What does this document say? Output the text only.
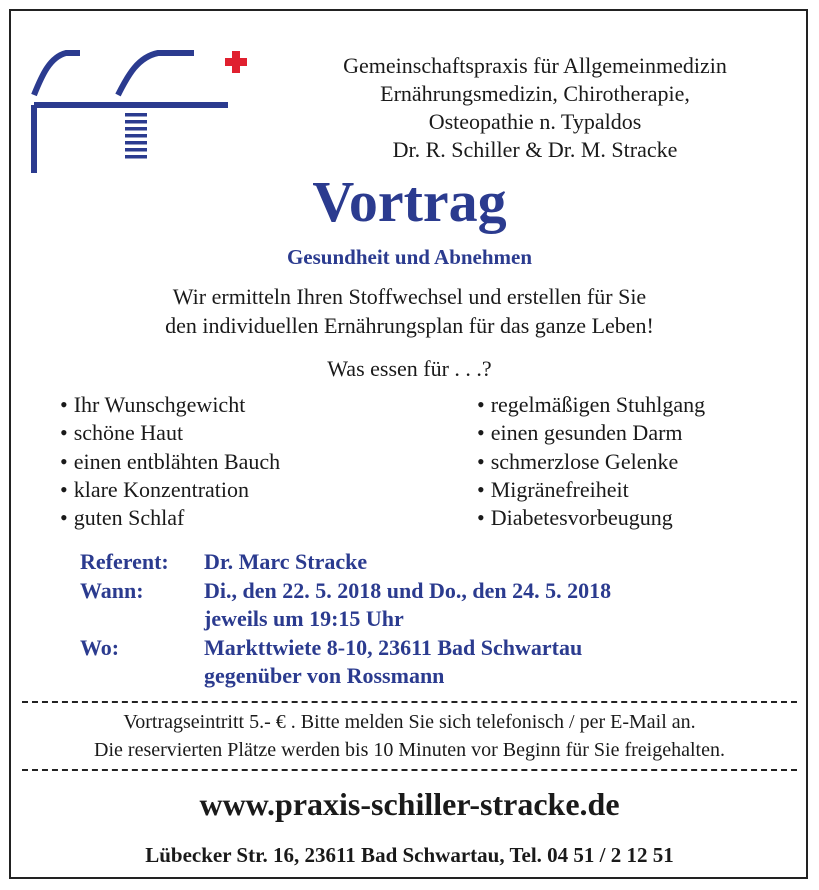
Gemeinschaftspraxis für Allgemeinmedizin
Ernährungsmedizin, Chirotherapie,
Osteopathie n. Typaldos
Dr. R. Schiller & Dr. M. Stracke
Vortrag
Gesundheit und Abnehmen
Wir ermitteln Ihren Stoffwechsel und erstellen für Sie
den individuellen Ernährungsplan für das ganze Leben!
Was essen für . . .?
• Ihr Wunschgewicht
• schöne Haut
• einen entblähten Bauch
• klare Konzentration
• guten Schlaf
• regelmäßigen Stuhlgang
• einen gesunden Darm
• schmerzlose Gelenke
• Migränefreiheit
• Diabetesvorbeugung
Referent:	Dr. Marc Stracke
Wann:	Di., den 22. 5. 2018 und Do., den 24. 5. 2018
jeweils um 19:15 Uhr
Wo:	Markttwiete 8-10, 23611 Bad Schwartau
gegenüber von Rossmann
Vortragseintritt 5.- € . Bitte melden Sie sich telefonisch / per E-Mail an.
Die reservierten Plätze werden bis 10 Minuten vor Beginn für Sie freigehalten.
www.praxis-schiller-stracke.de
Lübecker Str. 16, 23611 Bad Schwartau, Tel. 04 51 / 2 12 51
